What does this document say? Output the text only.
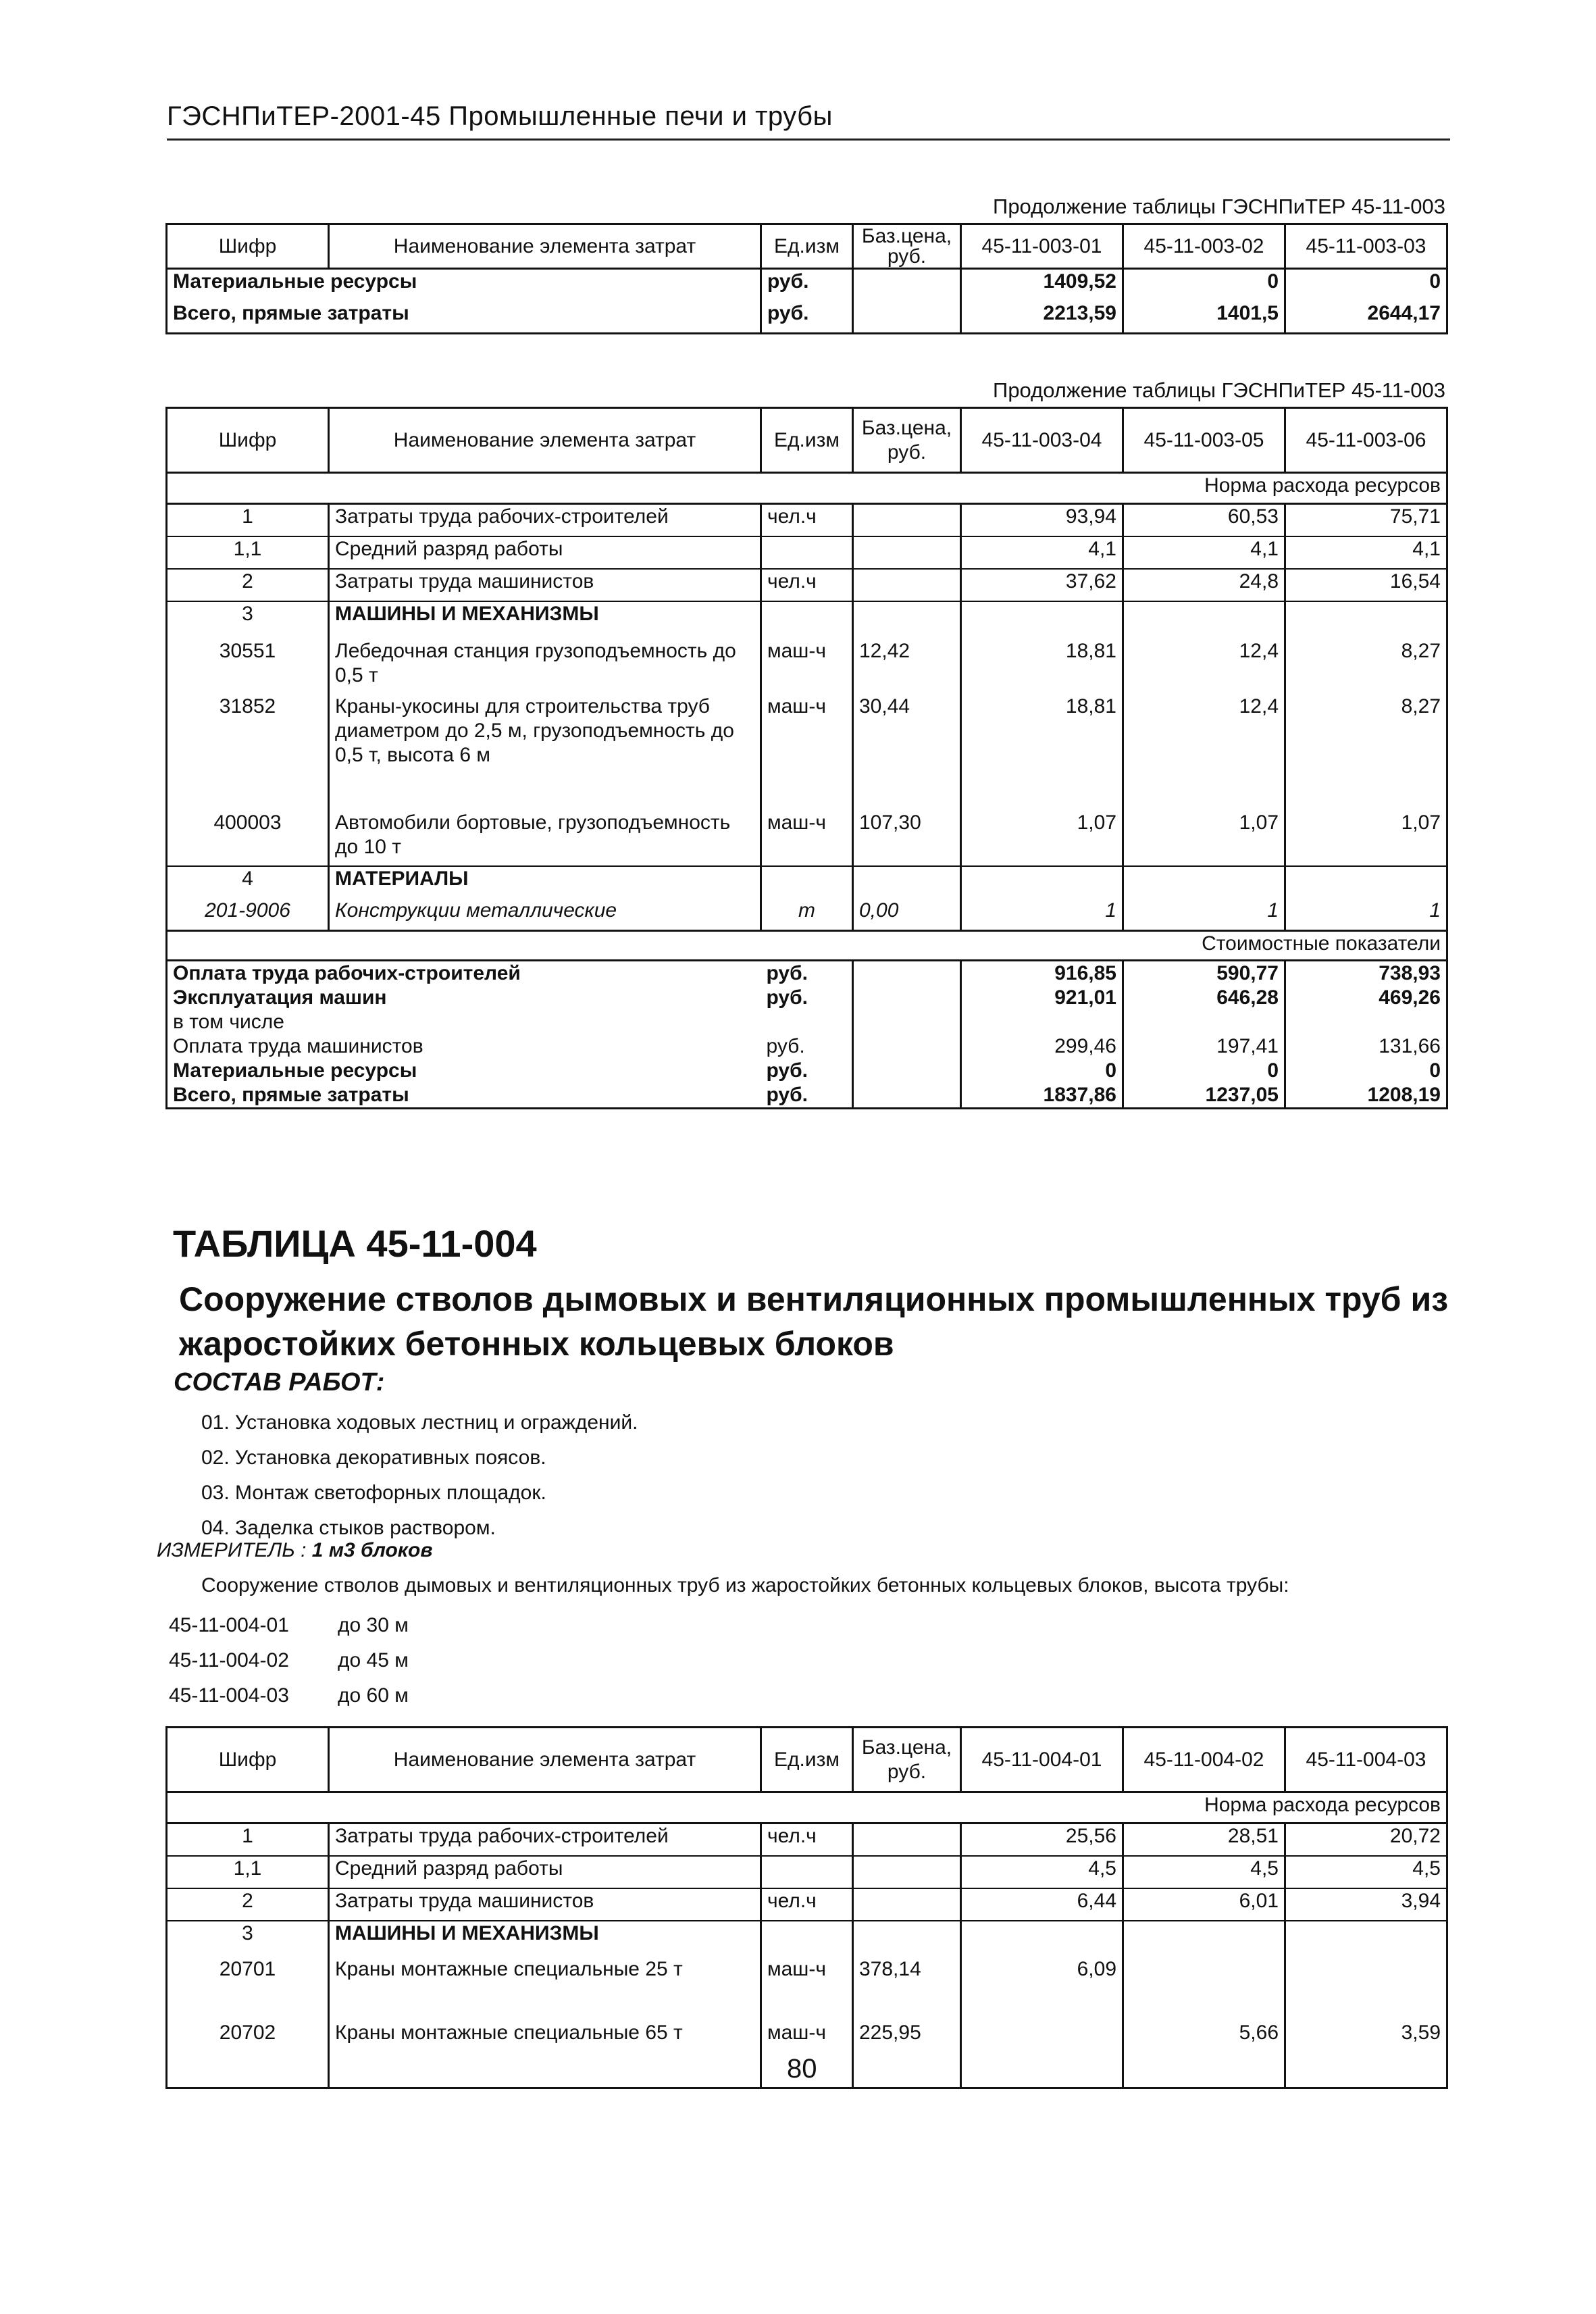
ГЭСНПиТЕР-2001-45 Промышленные печи и трубы
Продолжение таблицы ГЭСНПиТЕР 45-11-003
Шифр	Наименование элемента затрат	Ед.изм	Баз.цена, руб.	45-11-003-01	45-11-003-02	45-11-003-03
Материальные ресурсы		руб.		1409,52	0	0
Всего, прямые затраты		руб.		2213,59	1401,5	2644,17
Продолжение таблицы ГЭСНПиТЕР 45-11-003
Шифр	Наименование элемента затрат	Ед.изм	Баз.цена, руб.	45-11-003-04	45-11-003-05	45-11-003-06
Норма расхода ресурсов						
1	Затраты труда рабочих-строителей	чел.ч		93,94	60,53	75,71
1,1	Средний разряд работы			4,1	4,1	4,1
2	Затраты труда машинистов	чел.ч		37,62	24,8	16,54
3	МАШИНЫ И МЕХАНИЗМЫ					
30551	Лебедочная станция грузоподъемность до 0,5 т	маш-ч	12,42	18,81	12,4	8,27
31852	Краны-укосины для строительства труб диаметром до 2,5 м, грузоподъемность до 0,5 т, высота 6 м	маш-ч	30,44	18,81	12,4	8,27
400003	Автомобили бортовые, грузоподъемность до 10 т	маш-ч	107,30	1,07	1,07	1,07
4	МАТЕРИАЛЫ					
201-9006	Конструкции металлические	т	0,00	1	1	1
Стоимостные показатели						
Оплата труда рабочих-строителей		руб.		916,85	590,77	738,93
Эксплуатация машин		руб.		921,01	646,28	469,26
в том числе						
Оплата труда машинистов		руб.		299,46	197,41	131,66
Материальные ресурсы		руб.		0	0	0
Всего, прямые затраты		руб.		1837,86	1237,05	1208,19
ТАБЛИЦА 45-11-004
Сооружение стволов дымовых и вентиляционных промышленных труб из жаростойких бетонных кольцевых блоков
СОСТАВ РАБОТ:
01. Установка ходовых лестниц и ограждений.
02. Установка декоративных поясов.
03. Монтаж светофорных площадок.
04. Заделка стыков раствором.
ИЗМЕРИТЕЛЬ : 1 м3 блоков
Сооружение стволов дымовых и вентиляционных труб из жаростойких бетонных кольцевых блоков, высота трубы:
45-11-004-01 до 30 м
45-11-004-02 до 45 м
45-11-004-03 до 60 м
Шифр	Наименование элемента затрат	Ед.изм	Баз.цена, руб.	45-11-004-01	45-11-004-02	45-11-004-03
Норма расхода ресурсов						
1	Затраты труда рабочих-строителей	чел.ч		25,56	28,51	20,72
1,1	Средний разряд работы			4,5	4,5	4,5
2	Затраты труда машинистов	чел.ч		6,44	6,01	3,94
3	МАШИНЫ И МЕХАНИЗМЫ					
20701	Краны монтажные специальные 25 т	маш-ч	378,14	6,09		
20702	Краны монтажные специальные 65 т	маш-ч	225,95		5,66	3,59
80
